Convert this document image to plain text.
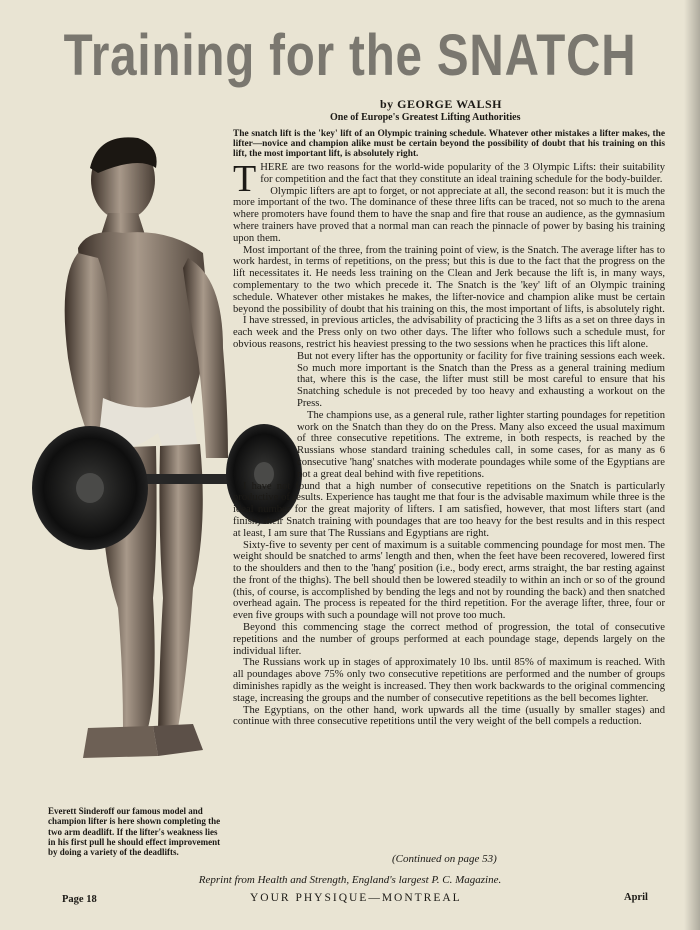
Training for the SNATCH
by GEORGE WALSH
One of Europe's Greatest Lifting Authorities
The snatch lift is the 'key' lift of an Olympic training schedule. Whatever other mistakes a lifter makes, the lifter—novice and champion alike must be certain beyond the possibility of doubt that his training on this lift, the most important lift, is absolutely right.

THERE are two reasons for the world-wide popularity of the 3 Olympic Lifts: their suitability for competition and the fact that they constitute an ideal training schedule for the body-builder.

Olympic lifters are apt to forget, or not appreciate at all, the second reason: but it is much the more important of the two. The dominance of these three lifts can be traced, not so much to the arena where promoters have found them to have the snap and fire that rouse an audience, as the gymnasium where trainers have proved that a normal man can reach the pinnacle of power by basing his training upon them.

Most important of the three, from the training point of view, is the Snatch. The average lifter has to work hardest, in terms of repetitions, on the press; but this is due to the fact that the progress on the lift necessitates it. He needs less training on the Clean and Jerk because the lift is, in many ways, complementary to the two which precede it. The Snatch is the 'key' lift of an Olympic training schedule. Whatever other mistakes he makes, the lifter-novice and champion alike must be certain beyond the possibility of doubt that his training on this, the most important of lifts, is absolutely right.

I have stressed, in previous articles, the advisability of practicing the 3 lifts as a set on three days in each week and the Press only on two other days. The lifter who follows such a schedule must, for obvious reasons, restrict his heaviest pressing to the two sessions when he practices this lift alone.

But not every lifter has the opportunity or facility for five training sessions each week. So much more important is the Snatch than the Press as a general training medium that, where this is the case, the lifter must still be most careful to ensure that his Snatching schedule is not preceded by too heavy and exhausting a workout on the Press.

The champions use, as a general rule, rather lighter starting poundages for repetition work on the Snatch than they do on the Press. Many also exceed the usual maximum of three consecutive repetitions. The extreme, in both respects, is reached by the Russians whose standard training schedules call, in some cases, for as many as 6 consecutive 'hang' snatches with moderate poundages while some of the Egyptians are not a great deal behind with five repetitions.

I have not found that a high number of consecutive repetitions on the Snatch is particularly productive of results. Experience has taught me that four is the advisable maximum while three is the ideal number for the great majority of lifters. I am satisfied, however, that most lifters start (and finish) their Snatch training with poundages that are too heavy for the best results and in this respect at least, I am sure that The Russians and Egyptians are right.

Sixty-five to seventy per cent of maximum is a suitable commencing poundage for most men. The weight should be snatched to arms' length and then, when the feet have been recovered, lowered first to the shoulders and then to the 'hang' position (i.e., body erect, arms straight, the bar resting against the front of the thighs). The bell should then be lowered steadily to within an inch or so of the ground (this, of course, is accomplished by bending the legs and not by rounding the back) and then snatched overhead again. The process is repeated for the third repetition. For the average lifter, three, four or even five groups with such a poundage will not prove too much.

Beyond this commencing stage the correct method of progression, the total of consecutive repetitions and the number of groups performed at each poundage stage, depends largely on the individual lifter.

The Russians work up in stages of approximately 10 lbs. until 85% of maximum is reached. With all poundages above 75% only two consecutive repetitions are performed and the number of groups diminishes rapidly as the weight is increased. They then work backwards to the original commencing stage, increasing the groups and the number of consecutive repetitions as the bell becomes lighter.

The Egyptians, on the other hand, work upwards all the time (usually by smaller stages) and continue with three consecutive repetitions until the very weight of the bell compels a reduction.

(Continued on page 53)
Everett Sinderoff our famous model and champion lifter is here shown completing the two arm deadlift. If the lifter's weakness lies in his first pull he should effect improvement by doing a variety of the deadlifts.
Reprint from Health and Strength, England's largest P. C. Magazine.
Page 18	YOUR PHYSIQUE—MONTREAL	April
